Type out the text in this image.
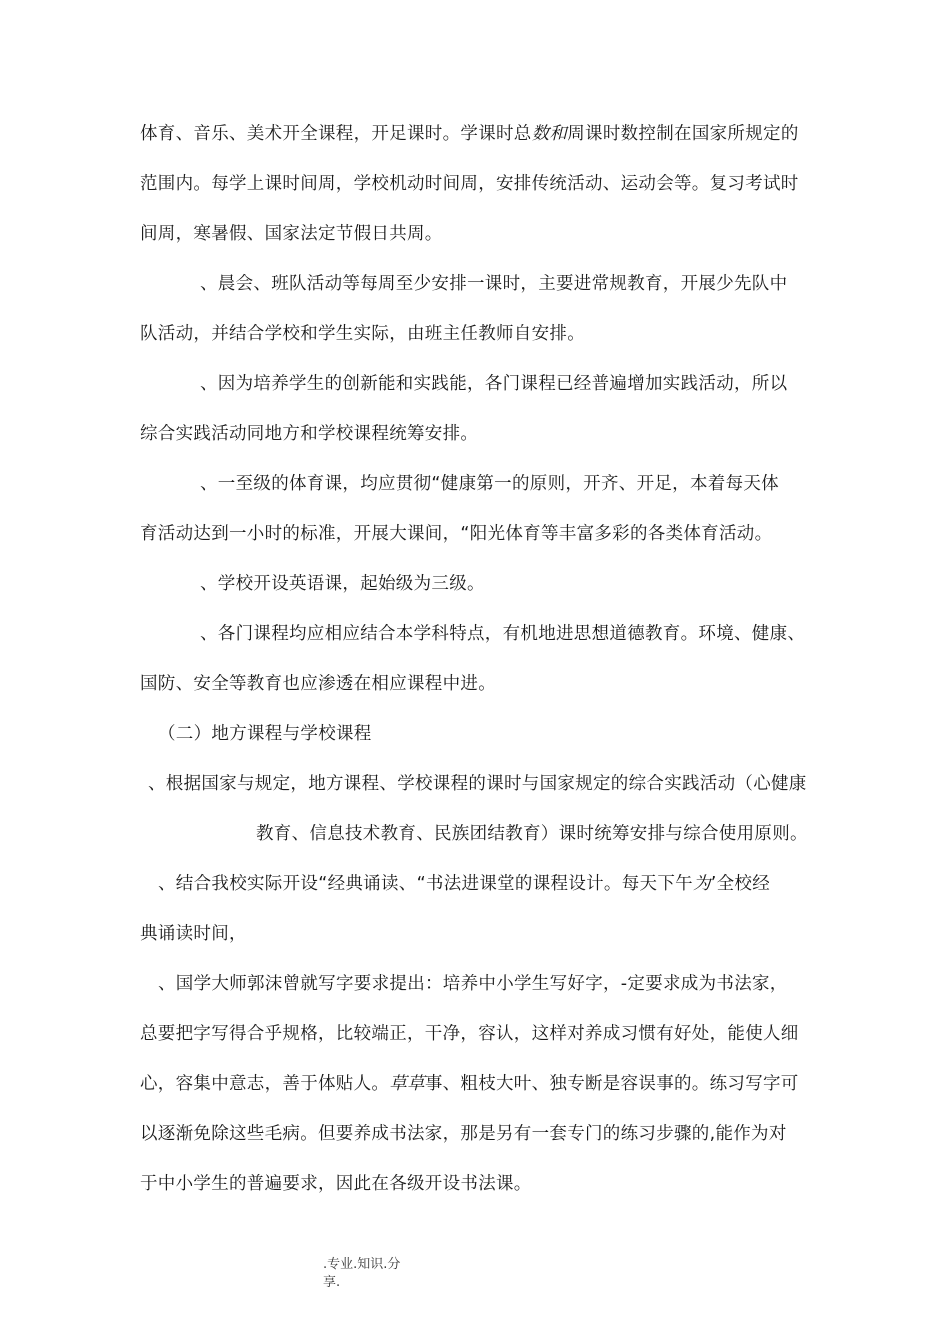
体育、音乐、美术开全课程，开足课时。学课时总数和周课时数控制在国家所规定的
范围内。每学上课时间周，学校机动时间周，安排传统活动、运动会等。复习考试时
间周，寒暑假、国家法定节假日共周。
、晨会、班队活动等每周至少安排一课时，主要进常规教育，开展少先队中
队活动，并结合学校和学生实际，由班主任教师自安排。
、因为培养学生的创新能和实践能，各门课程已经普遍增加实践活动，所以
综合实践活动同地方和学校课程统筹安排。
、一至级的体育课，均应贯彻“健康第一的原则，开齐、开足，本着每天体
育活动达到一小时的标准，开展大课间，“阳光体育等丰富多彩的各类体育活动。
、学校开设英语课，起始级为三级。
、各门课程均应相应结合本学科特点，有机地进思想道德教育。环境、健康、
国防、安全等教育也应渗透在相应课程中进。
（二）地方课程与学校课程
、根据国家与规定，地方课程、学校课程的课时与国家规定的综合实践活动（心健康
教育、信息技术教育、民族团结教育）课时统筹安排与综合使用原则。
、结合我校实际开设“经典诵读、“书法进课堂的课程设计。每天下午为’全校经
典诵读时间，
、国学大师郭沫曾就写字要求提出：培养中小学生写好字，-定要求成为书法家，
总要把字写得合乎规格，比较端正，干净，容认，这样对养成习惯有好处，能使人细
心，容集中意志，善于体贴人。草草事、粗枝大叶、独专断是容误事的。练习写字可
以逐渐免除这些毛病。但要养成书法家，那是另有一套专门的练习步骤的,能作为对
于中小学生的普遍要求，因此在各级开设书法课。
.专业.知识.分
享.
